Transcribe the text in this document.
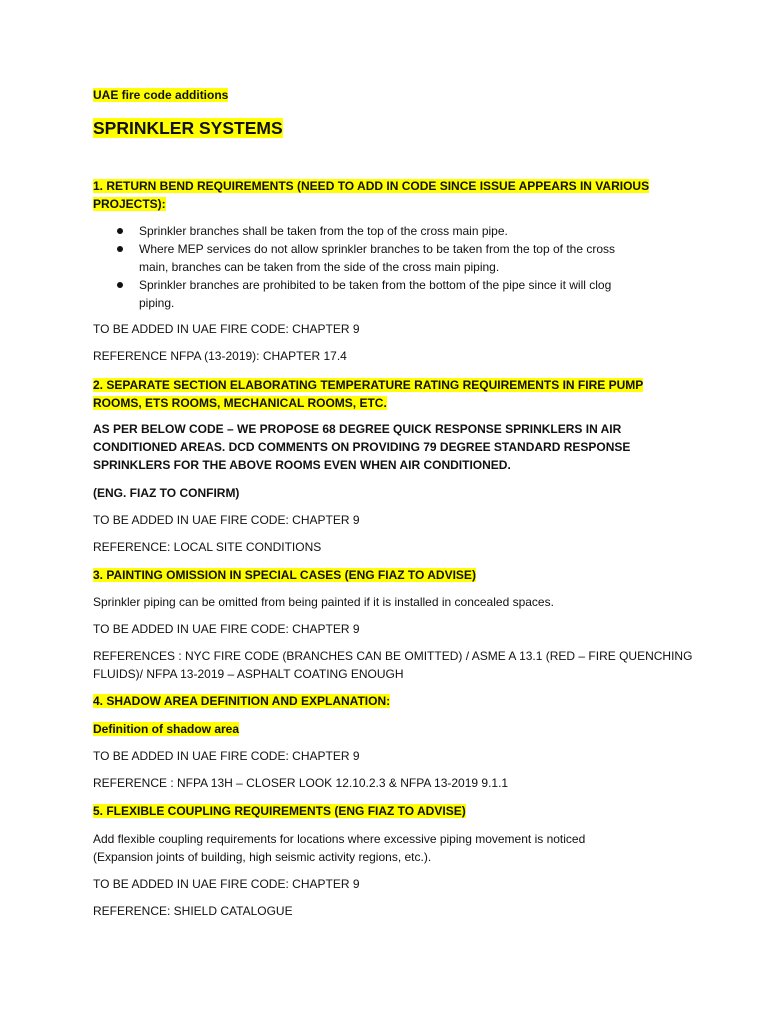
UAE fire code additions

SPRINKLER SYSTEMS

1. RETURN BEND REQUIREMENTS (NEED TO ADD IN CODE SINCE ISSUE APPEARS IN VARIOUS

PROJECTS):

Sprinkler branches shall be taken from the top of the cross main pipe.
Where MEP services do not allow sprinkler branches to be taken from the top of the cross
main, branches can be taken from the side of the cross main piping.
Sprinkler branches are prohibited to be taken from the bottom of the pipe since it will clog
piping.

TO BE ADDED IN UAE FIRE CODE: CHAPTER 9

REFERENCE NFPA (13-2019): CHAPTER 17.4

2. SEPARATE SECTION ELABORATING TEMPERATURE RATING REQUIREMENTS IN FIRE PUMP

ROOMS, ETS ROOMS, MECHANICAL ROOMS, ETC.

AS PER BELOW CODE – WE PROPOSE 68 DEGREE QUICK RESPONSE SPRINKLERS IN AIR

CONDITIONED AREAS. DCD COMMENTS ON PROVIDING 79 DEGREE STANDARD RESPONSE

SPRINKLERS FOR THE ABOVE ROOMS EVEN WHEN AIR CONDITIONED.

(ENG. FIAZ TO CONFIRM)

TO BE ADDED IN UAE FIRE CODE: CHAPTER 9

REFERENCE: LOCAL SITE CONDITIONS

3. PAINTING OMISSION IN SPECIAL CASES (ENG FIAZ TO ADVISE)

Sprinkler piping can be omitted from being painted if it is installed in concealed spaces.

TO BE ADDED IN UAE FIRE CODE: CHAPTER 9

REFERENCES : NYC FIRE CODE (BRANCHES CAN BE OMITTED) / ASME A 13.1 (RED – FIRE QUENCHING

FLUIDS)/ NFPA 13-2019 – ASPHALT COATING ENOUGH

4. SHADOW AREA DEFINITION AND EXPLANATION:

Definition of shadow area

TO BE ADDED IN UAE FIRE CODE: CHAPTER 9

REFERENCE : NFPA 13H – CLOSER LOOK 12.10.2.3 & NFPA 13-2019 9.1.1

5. FLEXIBLE COUPLING REQUIREMENTS (ENG FIAZ TO ADVISE)

Add flexible coupling requirements for locations where excessive piping movement is noticed

(Expansion joints of building, high seismic activity regions, etc.).

TO BE ADDED IN UAE FIRE CODE: CHAPTER 9

REFERENCE: SHIELD CATALOGUE
